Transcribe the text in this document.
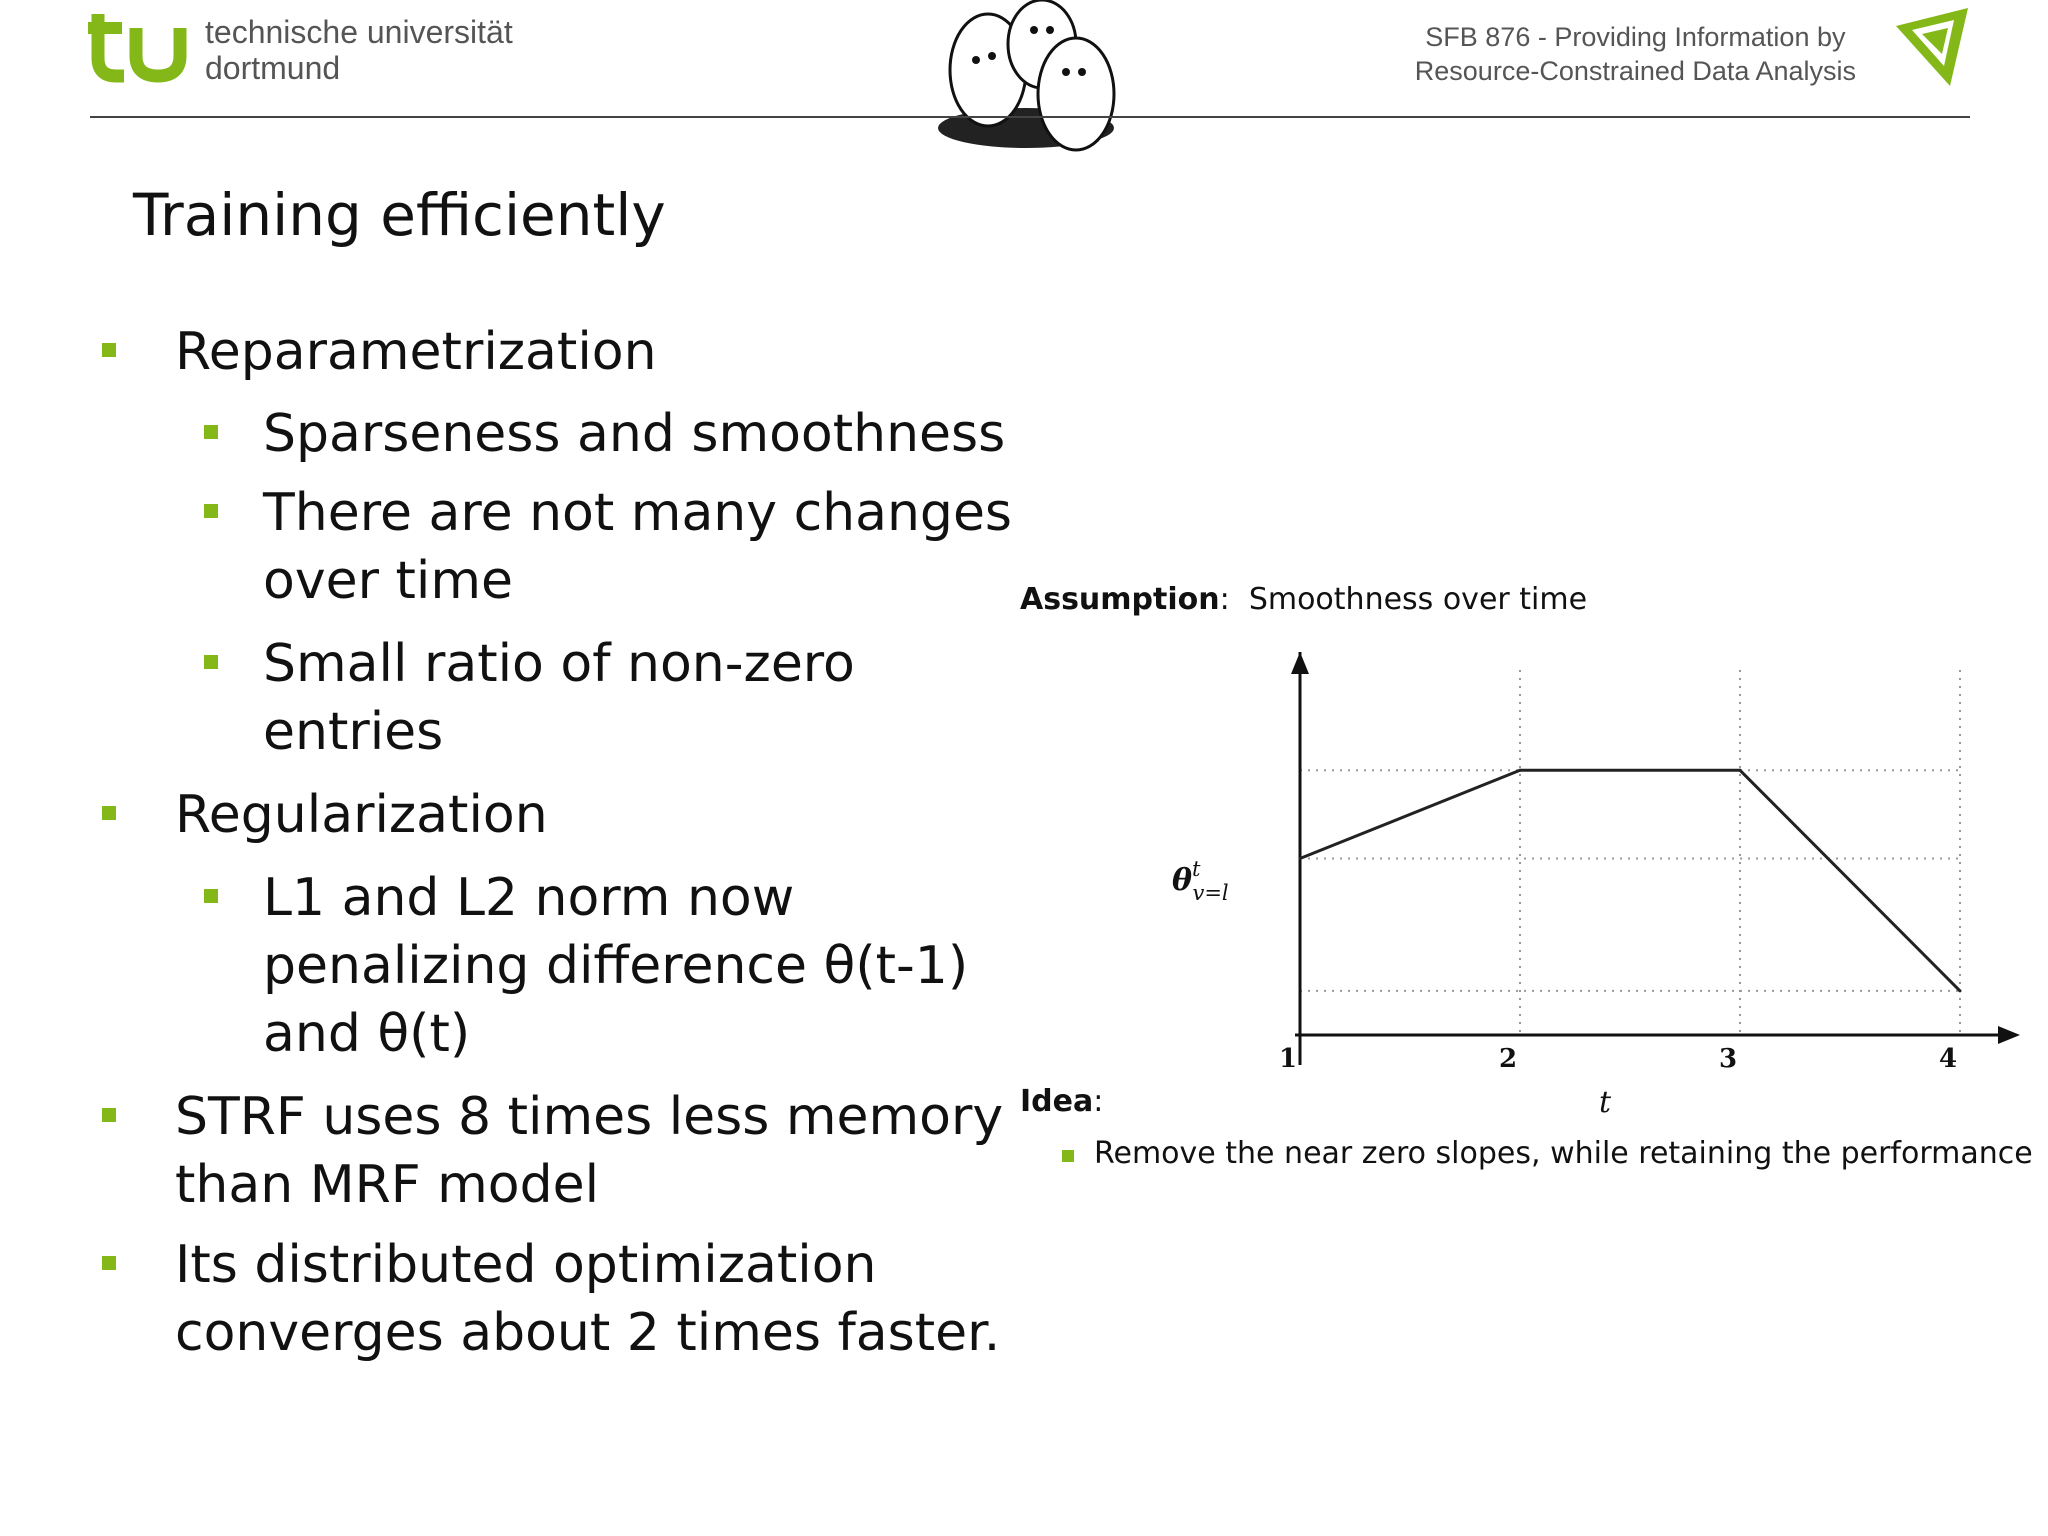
technische universität
dortmund
SFB 876 - Providing Information by
Resource-Constrained Data Analysis
Training efficiently
Reparametrization
Sparseness and smoothness
There are not many changes
over time
Small ratio of non-zero
entries
Regularization
L1 and L2 norm now
penalizing difference θ(t-1)
and θ(t)
STRF uses 8 times less memory
than MRF model
Its distributed optimization
converges about 2 times faster.
Assumption:  Smoothness over time
1	2	3	4
t
$\theta^t$ v=l
Idea:
Remove the near zero slopes, while retaining the performance
